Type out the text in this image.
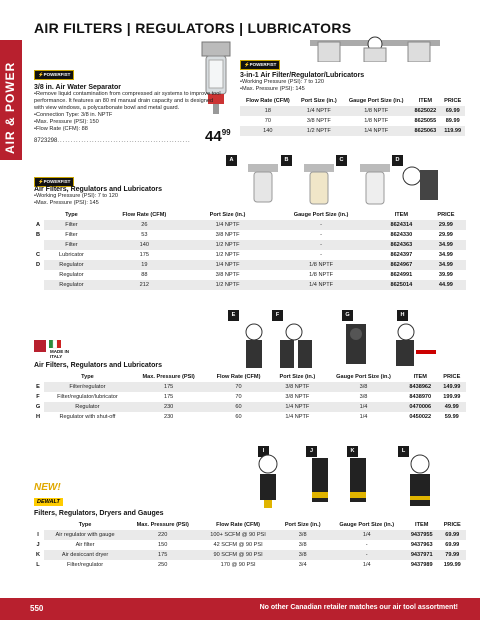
AIR FILTERS | REGULATORS | LUBRICATORS
AIR & POWER	⚡POWERFIST
3/8 in. Air Water Separator
•Remove liquid contamination from compressed air systems to improve tool performance. It features an 80 ml manual drain capacity and is designed with view windows, a polycarbonate bowl and metal guard.
•Connection Type: 3/8 in. NPTF
•Max. Pressure (PSI): 150
•Flow Rate (CFM): 88
8723298.................................................. $44^{99}$
⚡POWERFIST
3-in-1 Air Filter/Regulator/Lubricators
•Working Pressure (PSI): 7 to 120
•Max. Pressure (PSI): 145
Flow Rate (CFM)	Port Size (in.)	Gauge Port Size (in.)	ITEM	PRICE
18	1/4 NPTF	1/8 NPTF	8625022	69.99
70	3/8 NPTF	1/8 NPTF	8625055	89.99
140	1/2 NPTF	1/4 NPTF	8625063	119.99
A	B	C	D
⚡POWERFIST
Air Filters, Regulators and Lubricators
•Working Pressure (PSI): 7 to 120
•Max. Pressure (PSI): 145
	Type	Flow Rate (CFM)	Port Size (in.)	Gauge Port Size (in.)	ITEM	PRICE
A	Filter	26	1/4 NPTF	-	8624314	29.99
B	Filter	53	3/8 NPTF	-	8624330	29.99
	Filter	140	1/2 NPTF	-	8624363	34.99
C	Lubricator	175	1/2 NPTF	-	8624397	34.99
D	Regulator	19	1/4 NPTF	1/8 NPTF	8624967	34.99
	Regulator	88	3/8 NPTF	1/8 NPTF	8624991	39.99
	Regulator	212	1/2 NPTF	1/4 NPTF	8625014	44.99
E	F	G	H
MADE IN
ITALY
Air Filters, Regulators and Lubricators
	Type	Max. Pressure (PSI)	Flow Rate (CFM)	Port Size (in.)	Gauge Port Size (in.)	ITEM	PRICE
E	Filter/regulator	175	70	3/8 NPTF	3/8	8438962	149.99
F	Filter/regulator/lubricator	175	70	3/8 NPTF	3/8	8438970	199.99
G	Regulator	230	60	1/4 NPTF	1/4	0470006	49.99
H	Regulator with shut-off	230	60	1/4 NPTF	1/4	0450022	59.99
I	J	K	L
NEW!
DEWALT
Filters, Regulators, Dryers and Gauges
	Type	Max. Pressure (PSI)	Flow Rate (CFM)	Port Size (in.)	Gauge Port Size (in.)	ITEM	PRICE
I	Air regulator with gauge	220	100+ SCFM @ 90 PSI	3/8	1/4	9437955	69.99
J	Air filter	150	42 SCFM @ 90 PSI	3/8	-	9437963	69.99
K	Air desiccant dryer	175	90 SCFM @ 90 PSI	3/8	-	9437971	79.99
L	Filter/regulator	250	170 @ 90 PSI	3/4	1/4	9437989	199.99
550	No other Canadian retailer matches our air tool assortment!
